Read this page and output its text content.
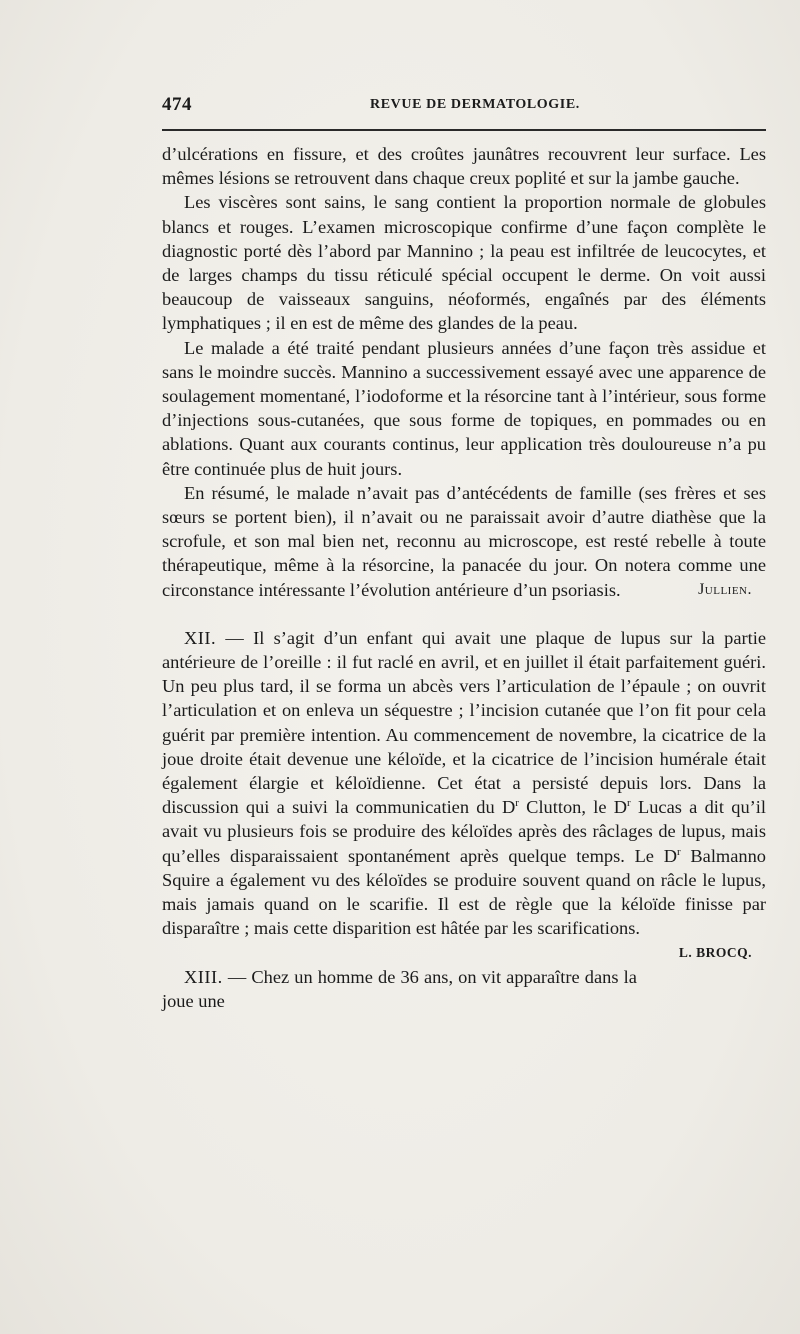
474	REVUE DE DERMATOLOGIE.

d’ulcérations en fissure, et des croûtes jaunâtres recouvrent leur surface. Les mêmes lésions se retrouvent dans chaque creux poplité et sur la jambe gauche.

Les viscères sont sains, le sang contient la proportion normale de globules blancs et rouges. L’examen microscopique confirme d’une façon complète le diagnostic porté dès l’abord par Mannino ; la peau est infiltrée de leucocytes, et de larges champs du tissu réticulé spécial occupent le derme. On voit aussi beaucoup de vaisseaux sanguins, néoformés, engaînés par des éléments lymphatiques ; il en est de même des glandes de la peau.

Le malade a été traité pendant plusieurs années d’une façon très assidue et sans le moindre succès. Mannino a successivement essayé avec une apparence de soulagement momentané, l’iodoforme et la résorcine tant à l’intérieur, sous forme d’injections sous-cutanées, que sous forme de topiques, en pommades ou en ablations. Quant aux courants continus, leur application très douloureuse n’a pu être continuée plus de huit jours.

En résumé, le malade n’avait pas d’antécédents de famille (ses frères et ses sœurs se portent bien), il n’avait ou ne paraissait avoir d’autre diathèse que la scrofule, et son mal bien net, reconnu au microscope, est resté rebelle à toute thérapeutique, même à la résorcine, la panacée du jour. On notera comme une circonstance intéressante l’évolution antérieure d’un psoriasis.	Jullien.

XII. — Il s’agit d’un enfant qui avait une plaque de lupus sur la partie antérieure de l’oreille : il fut raclé en avril, et en juillet il était parfaitement guéri. Un peu plus tard, il se forma un abcès vers l’articulation de l’épaule ; on ouvrit l’articulation et on enleva un séquestre ; l’incision cutanée que l’on fit pour cela guérit par première intention. Au commencement de novembre, la cicatrice de la joue droite était devenue une kéloïde, et la cicatrice de l’incision humérale était également élargie et kéloïdienne. Cet état a persisté depuis lors. Dans la discussion qui a suivi la communicatien du $D^r$ Clutton, le $D^r$ Lucas a dit qu’il avait vu plusieurs fois se produire des kéloïdes après des râclages de lupus, mais qu’elles disparaissaient spontanément après quelque temps. Le $D^r$ Balmanno Squire a également vu des kéloïdes se produire souvent quand on râcle le lupus, mais jamais quand on le scarifie. Il est de règle que la kéloïde finisse par disparaître ; mais cette disparition est hâtée par les scarifications.
L. BROCQ.

XIII. — Chez un homme de 36 ans, on vit apparaître dans la joue une
